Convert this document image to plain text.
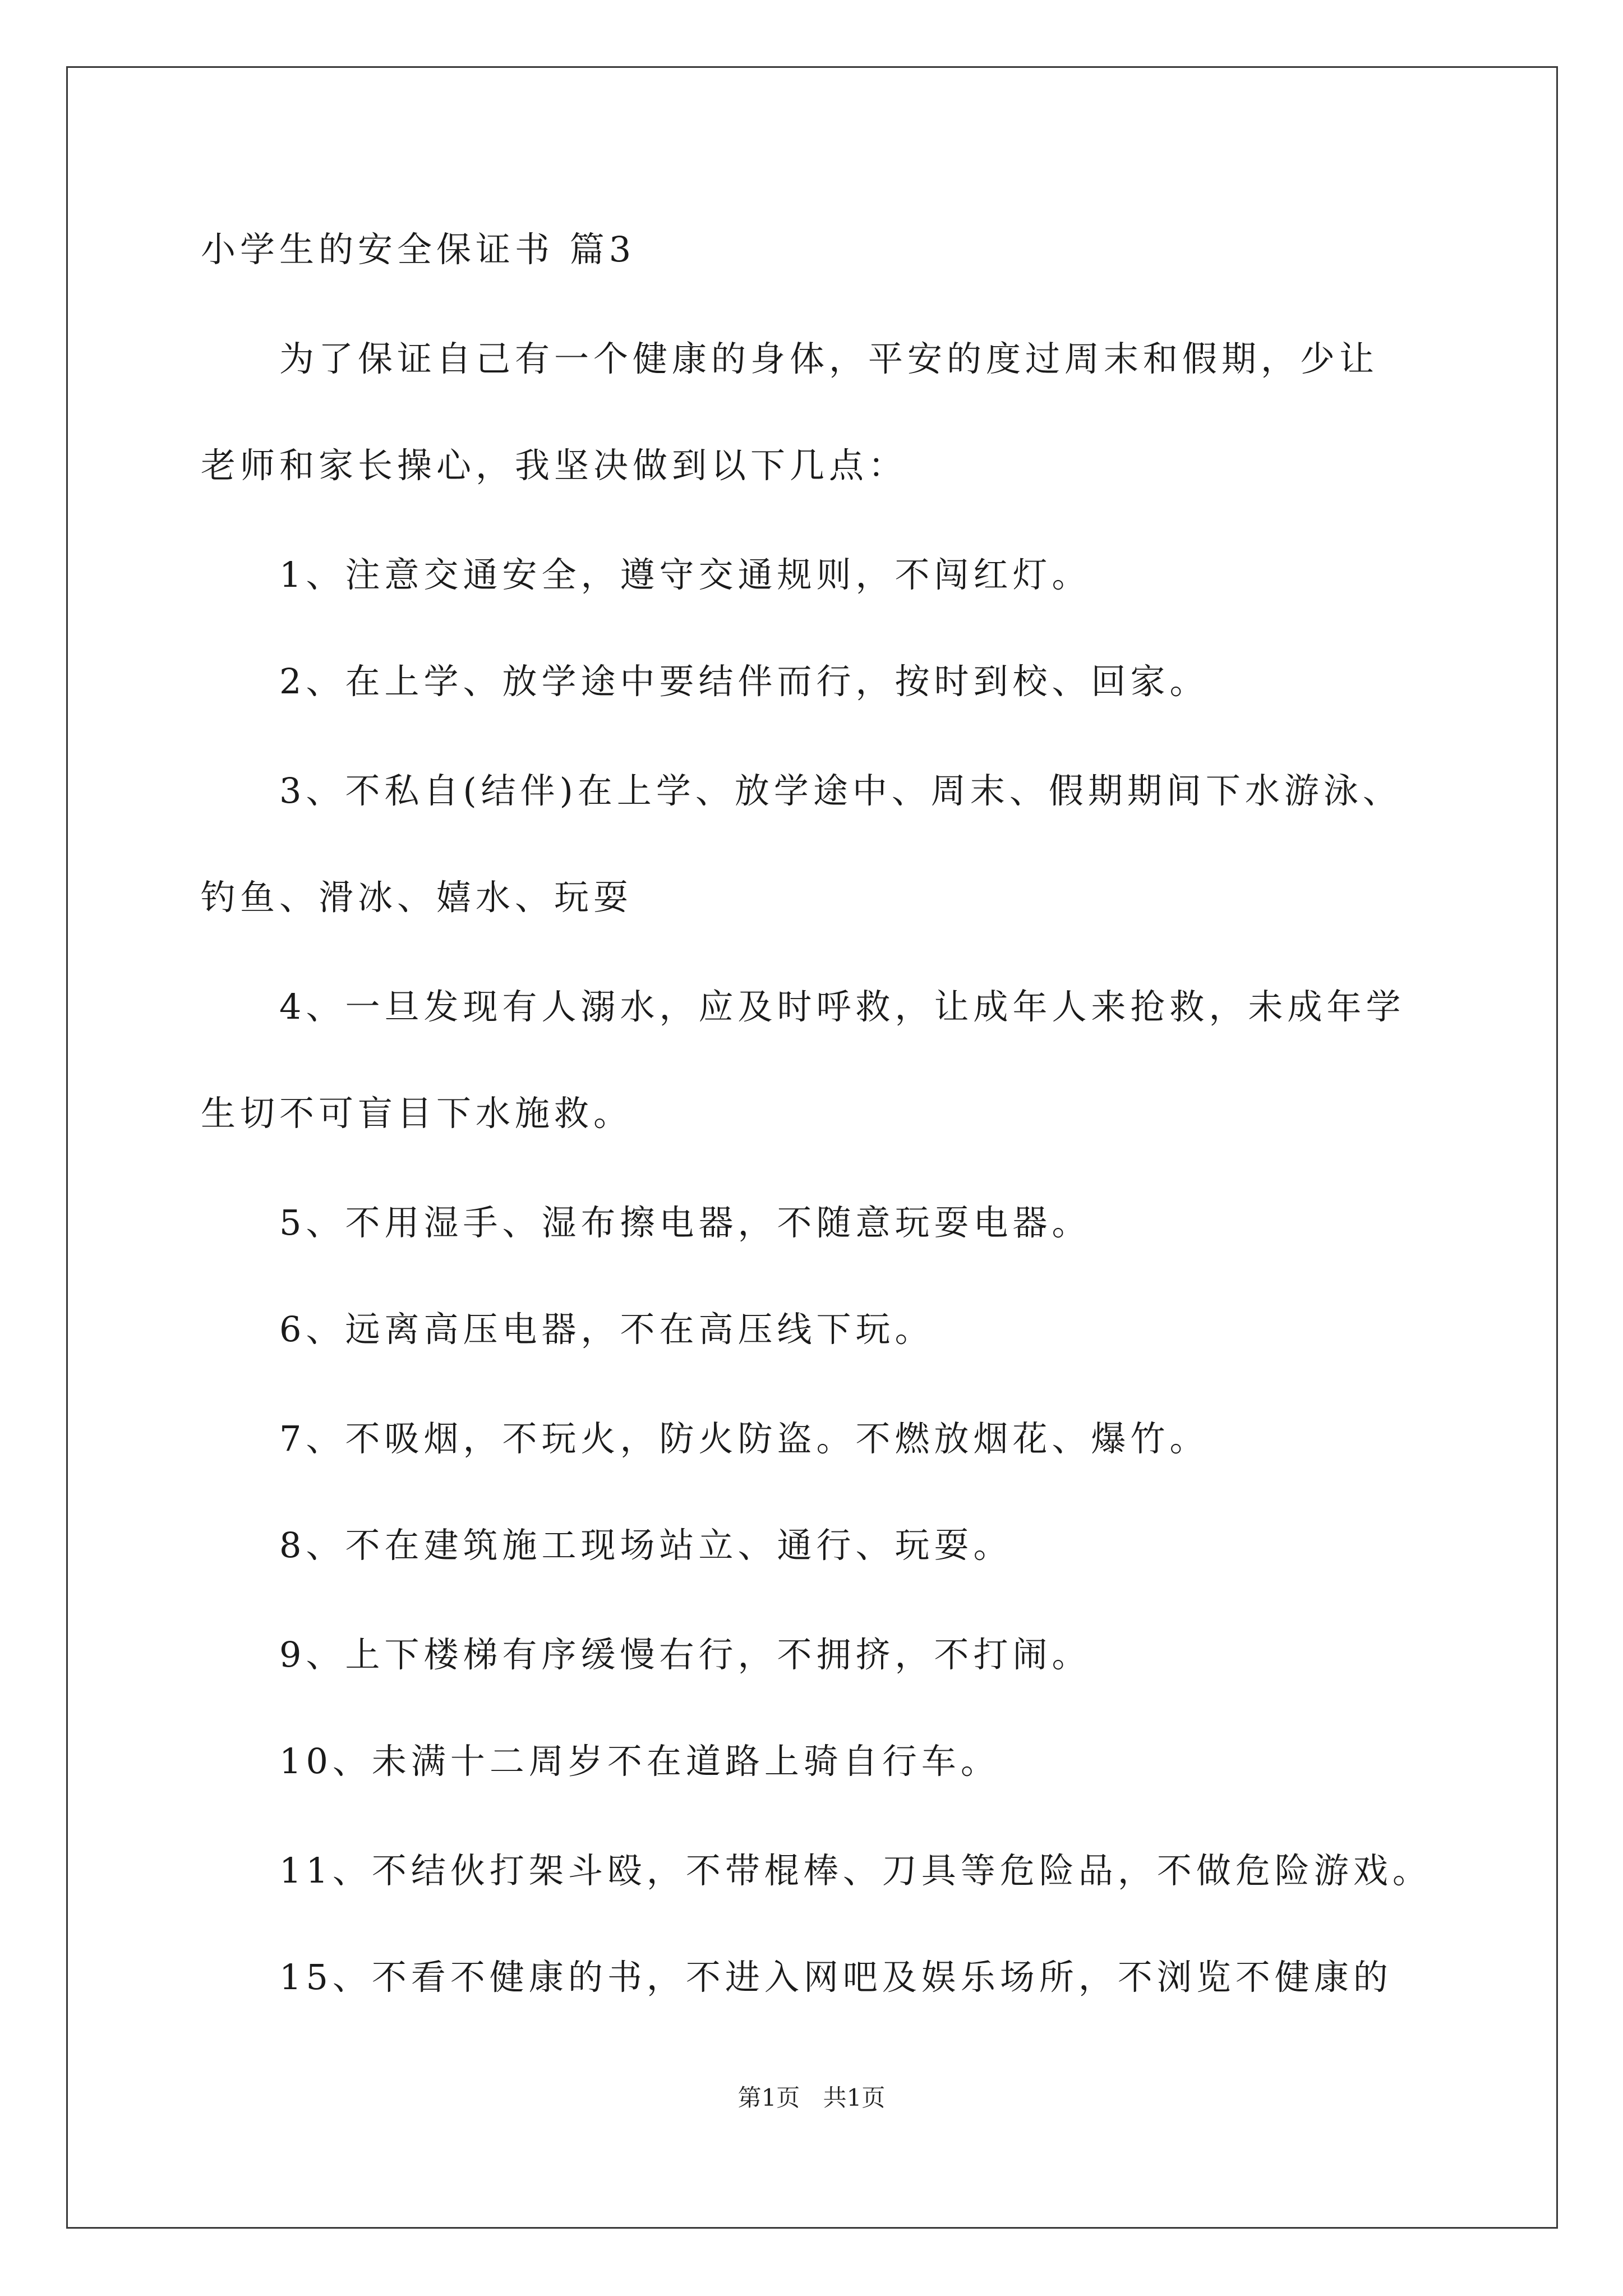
小学生的安全保证书 篇3
为了保证自己有一个健康的身体，平安的度过周末和假期，少让
老师和家长操心，我坚决做到以下几点：
1、注意交通安全，遵守交通规则，不闯红灯。
2、在上学、放学途中要结伴而行，按时到校、回家。
3、不私自(结伴)在上学、放学途中、周末、假期期间下水游泳、
钓鱼、滑冰、嬉水、玩耍
4、一旦发现有人溺水，应及时呼救，让成年人来抢救，未成年学
生切不可盲目下水施救。
5、不用湿手、湿布擦电器，不随意玩耍电器。
6、远离高压电器，不在高压线下玩。
7、不吸烟，不玩火，防火防盗。不燃放烟花、爆竹。
8、不在建筑施工现场站立、通行、玩耍。
9、上下楼梯有序缓慢右行，不拥挤，不打闹。
10、未满十二周岁不在道路上骑自行车。
11、不结伙打架斗殴，不带棍棒、刀具等危险品，不做危险游戏。
15、不看不健康的书，不进入网吧及娱乐场所，不浏览不健康的
第1页 共1页
